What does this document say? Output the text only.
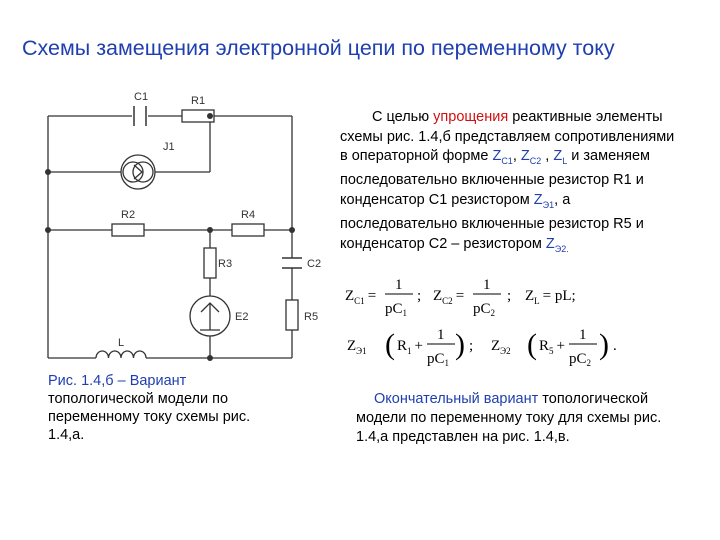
Схемы замещения электронной цепи по переменному току
C1	R1
J1
R2	R4
R3	C2
E2	R5
L
Рис. 1.4,б – Вариант топологической модели по переменному току схемы рис. 1.4,а.
С целью упрощения реактивные элементы схемы рис. 1.4,б представляем сопротивлениями в операторной форме $Z_{C1}$, $Z_{C2}$ , $Z_L$ и заменяем последовательно включенные резистор R1 и конденсатор C1 резистором $Z_{Э1}$, а последовательно включенные резистор R5 и конденсатор C2 – резистором $Z_{Э2.}$
$Z_{C1}$ =
1
$pC_1$
; $Z_{C2}$ =
1
$pC_2$
; $Z_L$ = pL;
$Z_{Э1}$ ( $R_1$ +
1
$pC_1$
) ; $Z_{Э2}$ ( $R_5$ +
1
$pC_2$
) .
Окончательный вариант топологической модели по переменному току для схемы рис. 1.4,а представлен на рис. 1.4,в.
